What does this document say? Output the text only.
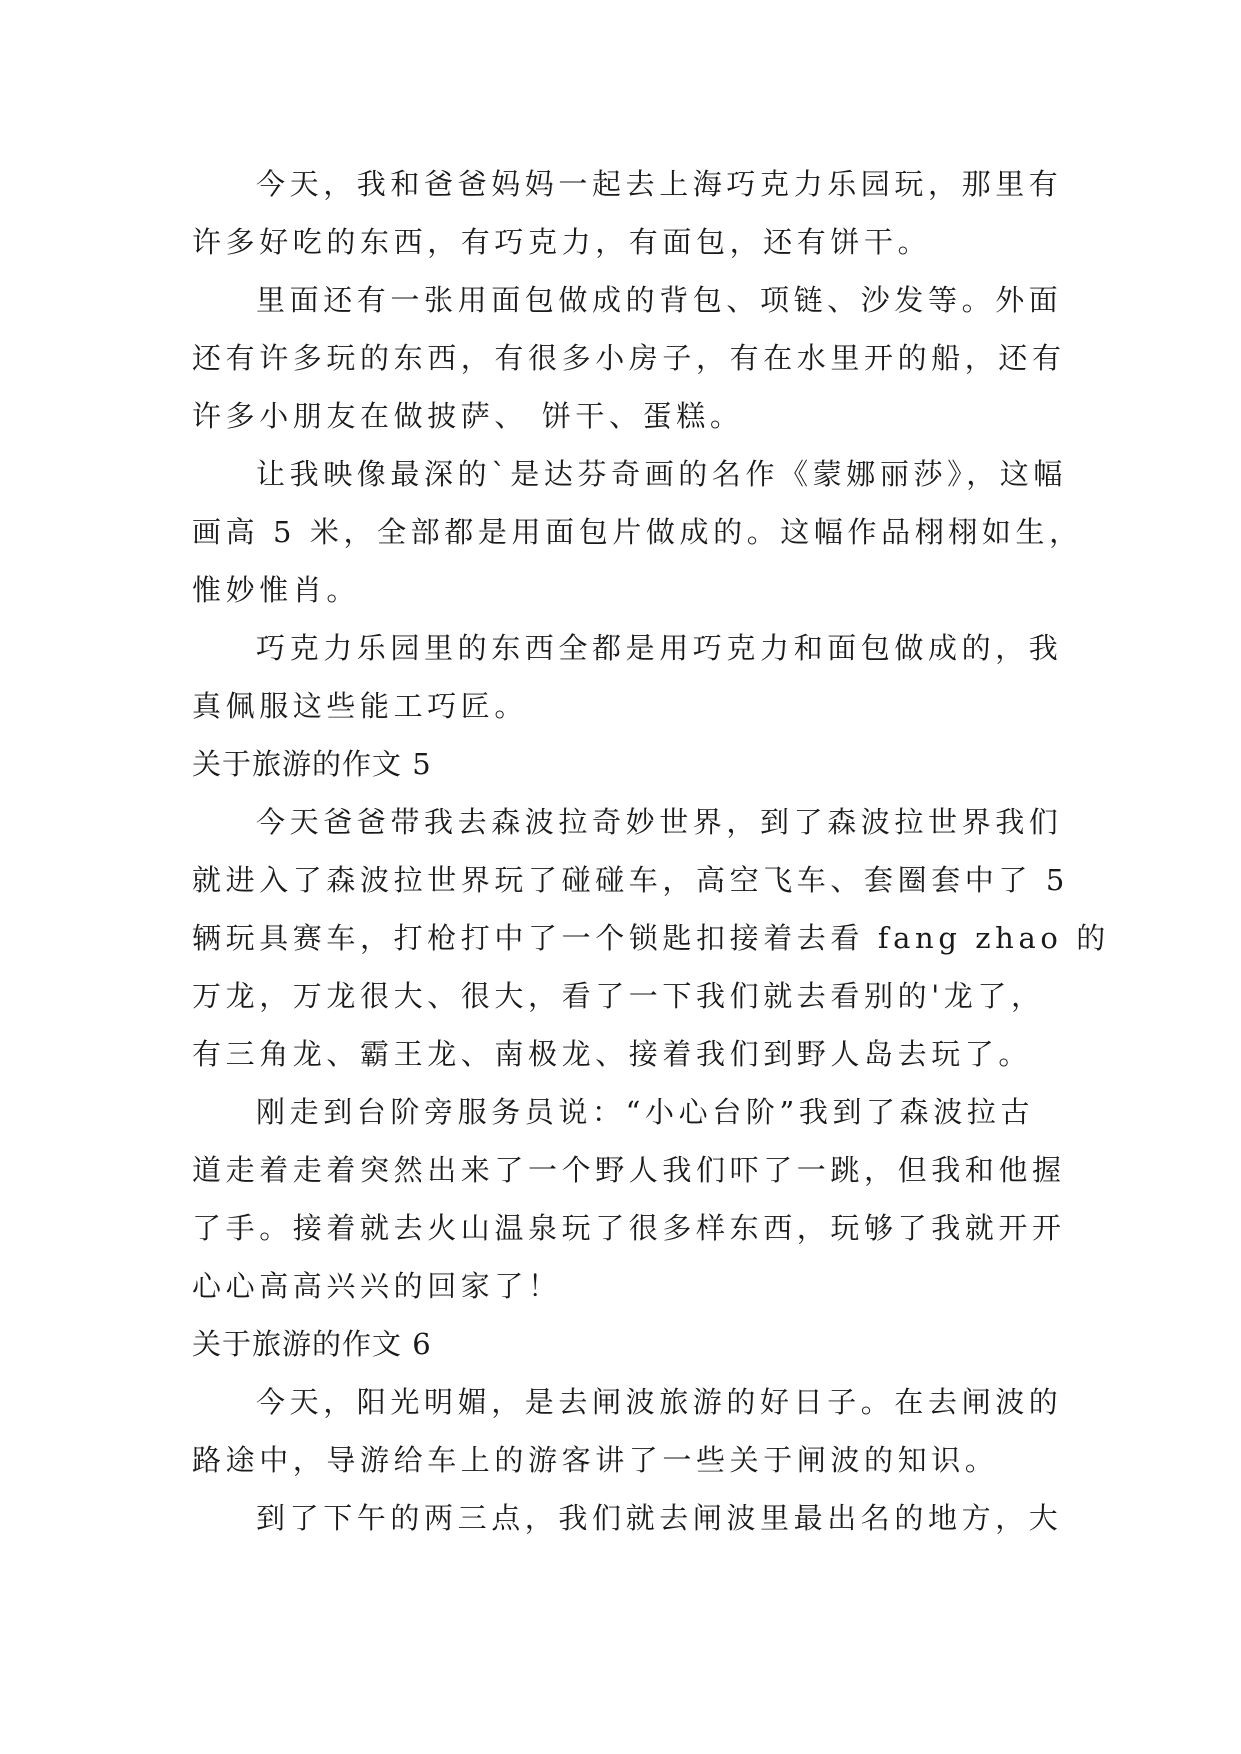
今天，我和爸爸妈妈一起去上海巧克力乐园玩，那里有
许多好吃的东西，有巧克力，有面包，还有饼干。
里面还有一张用面包做成的背包、项链、沙发等。外面
还有许多玩的东西，有很多小房子，有在水里开的船，还有
许多小朋友在做披萨、 饼干、蛋糕。
让我映像最深的`是达芬奇画的名作《蒙娜丽莎》，这幅
画高 5 米，全部都是用面包片做成的。这幅作品栩栩如生，
惟妙惟肖。
巧克力乐园里的东西全都是用巧克力和面包做成的，我
真佩服这些能工巧匠。
关于旅游的作文 5
今天爸爸带我去森波拉奇妙世界，到了森波拉世界我们
就进入了森波拉世界玩了碰碰车，高空飞车、套圈套中了 5
辆玩具赛车，打枪打中了一个锁匙扣接着去看 fang zhao 的
万龙，万龙很大、很大，看了一下我们就去看别的'龙了，
有三角龙、霸王龙、南极龙、接着我们到野人岛去玩了。
刚走到台阶旁服务员说：“小心台阶”我到了森波拉古
道走着走着突然出来了一个野人我们吓了一跳，但我和他握
了手。接着就去火山温泉玩了很多样东西，玩够了我就开开
心心高高兴兴的回家了！
关于旅游的作文 6
今天，阳光明媚，是去闸波旅游的好日子。在去闸波的
路途中，导游给车上的游客讲了一些关于闸波的知识。
到了下午的两三点，我们就去闸波里最出名的地方，大
